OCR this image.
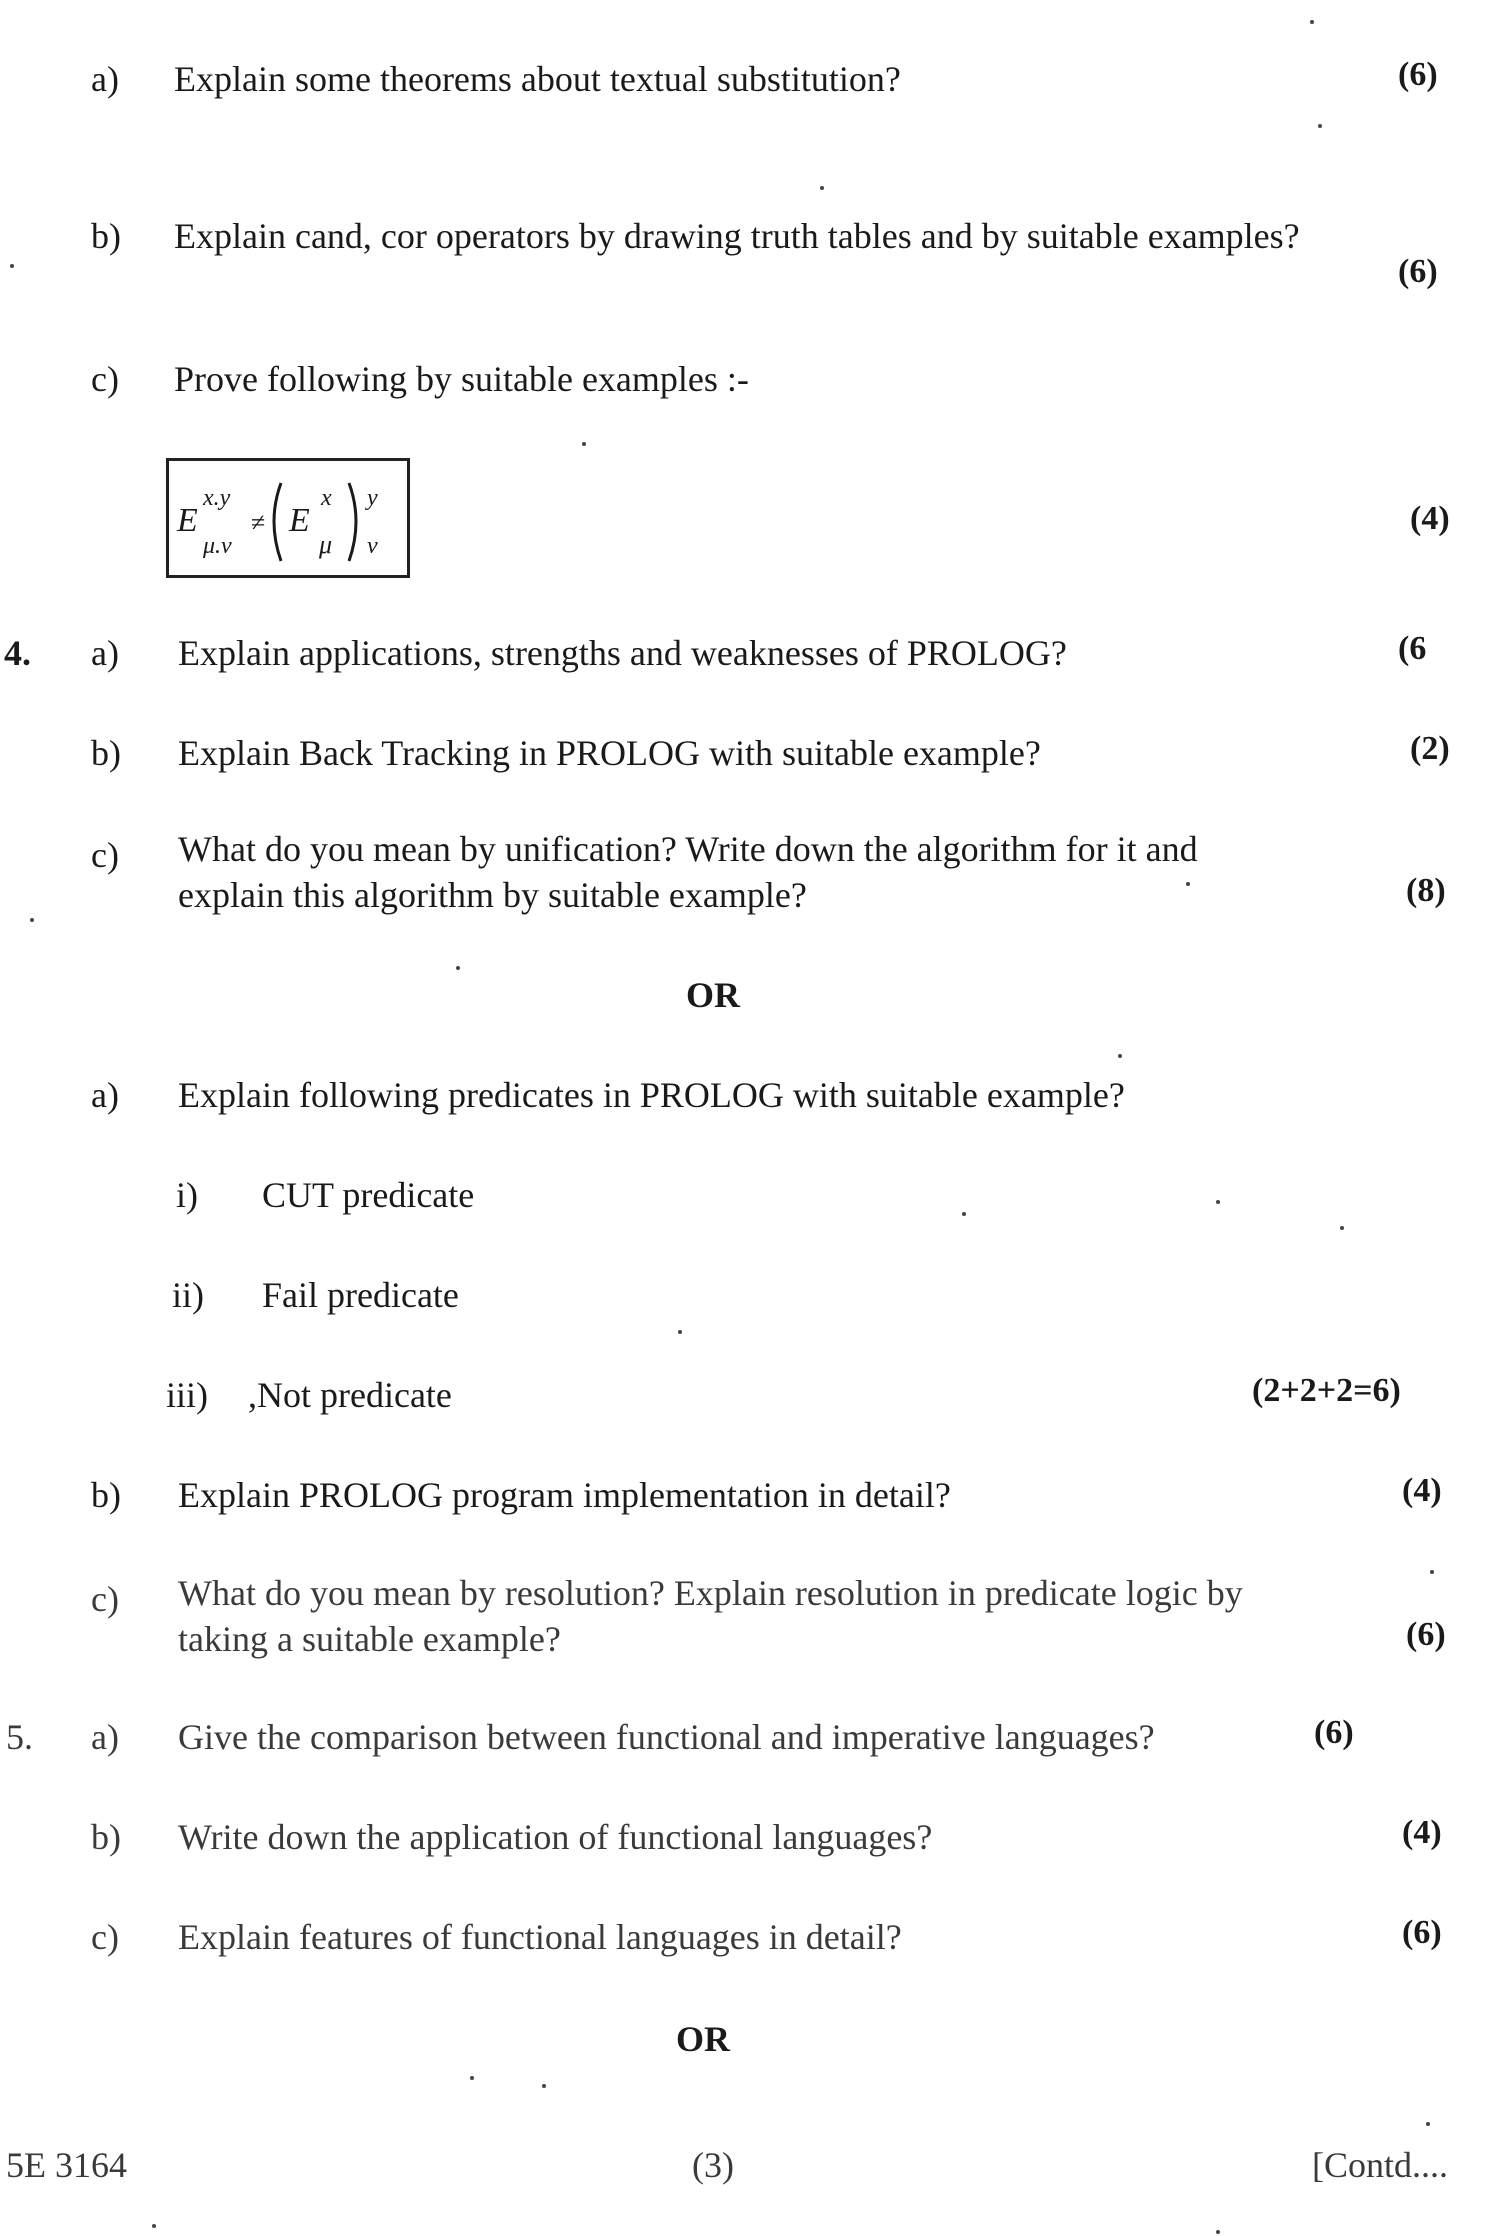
a) Explain some theorems about textual substitution?	(6)
b) Explain cand, cor operators by drawing truth tables and by suitable examples?
(6)
c) Prove following by suitable examples :-
(4)
E
x.y
μ.v
≠ E
x
μ
y
v
4. a) Explain applications, strengths and weaknesses of PROLOG?	(6
b) Explain Back Tracking in PROLOG with suitable example?	(2)
c) What do you mean by unification? Write down the algorithm for it and
explain this algorithm by suitable example?	(8)
OR
a) Explain following predicates in PROLOG with suitable example?
i) CUT predicate
ii) Fail predicate
iii) ,Not predicate	(2+2+2=6)
b) Explain PROLOG program implementation in detail?	(4)
c) What do you mean by resolution? Explain resolution in predicate logic by
taking a suitable example?	(6)
5. a) Give the comparison between functional and imperative languages?	(6)
b) Write down the application of functional languages?	(4)
c) Explain features of functional languages in detail?	(6)
OR
5E 3164	(3)	[Contd....
